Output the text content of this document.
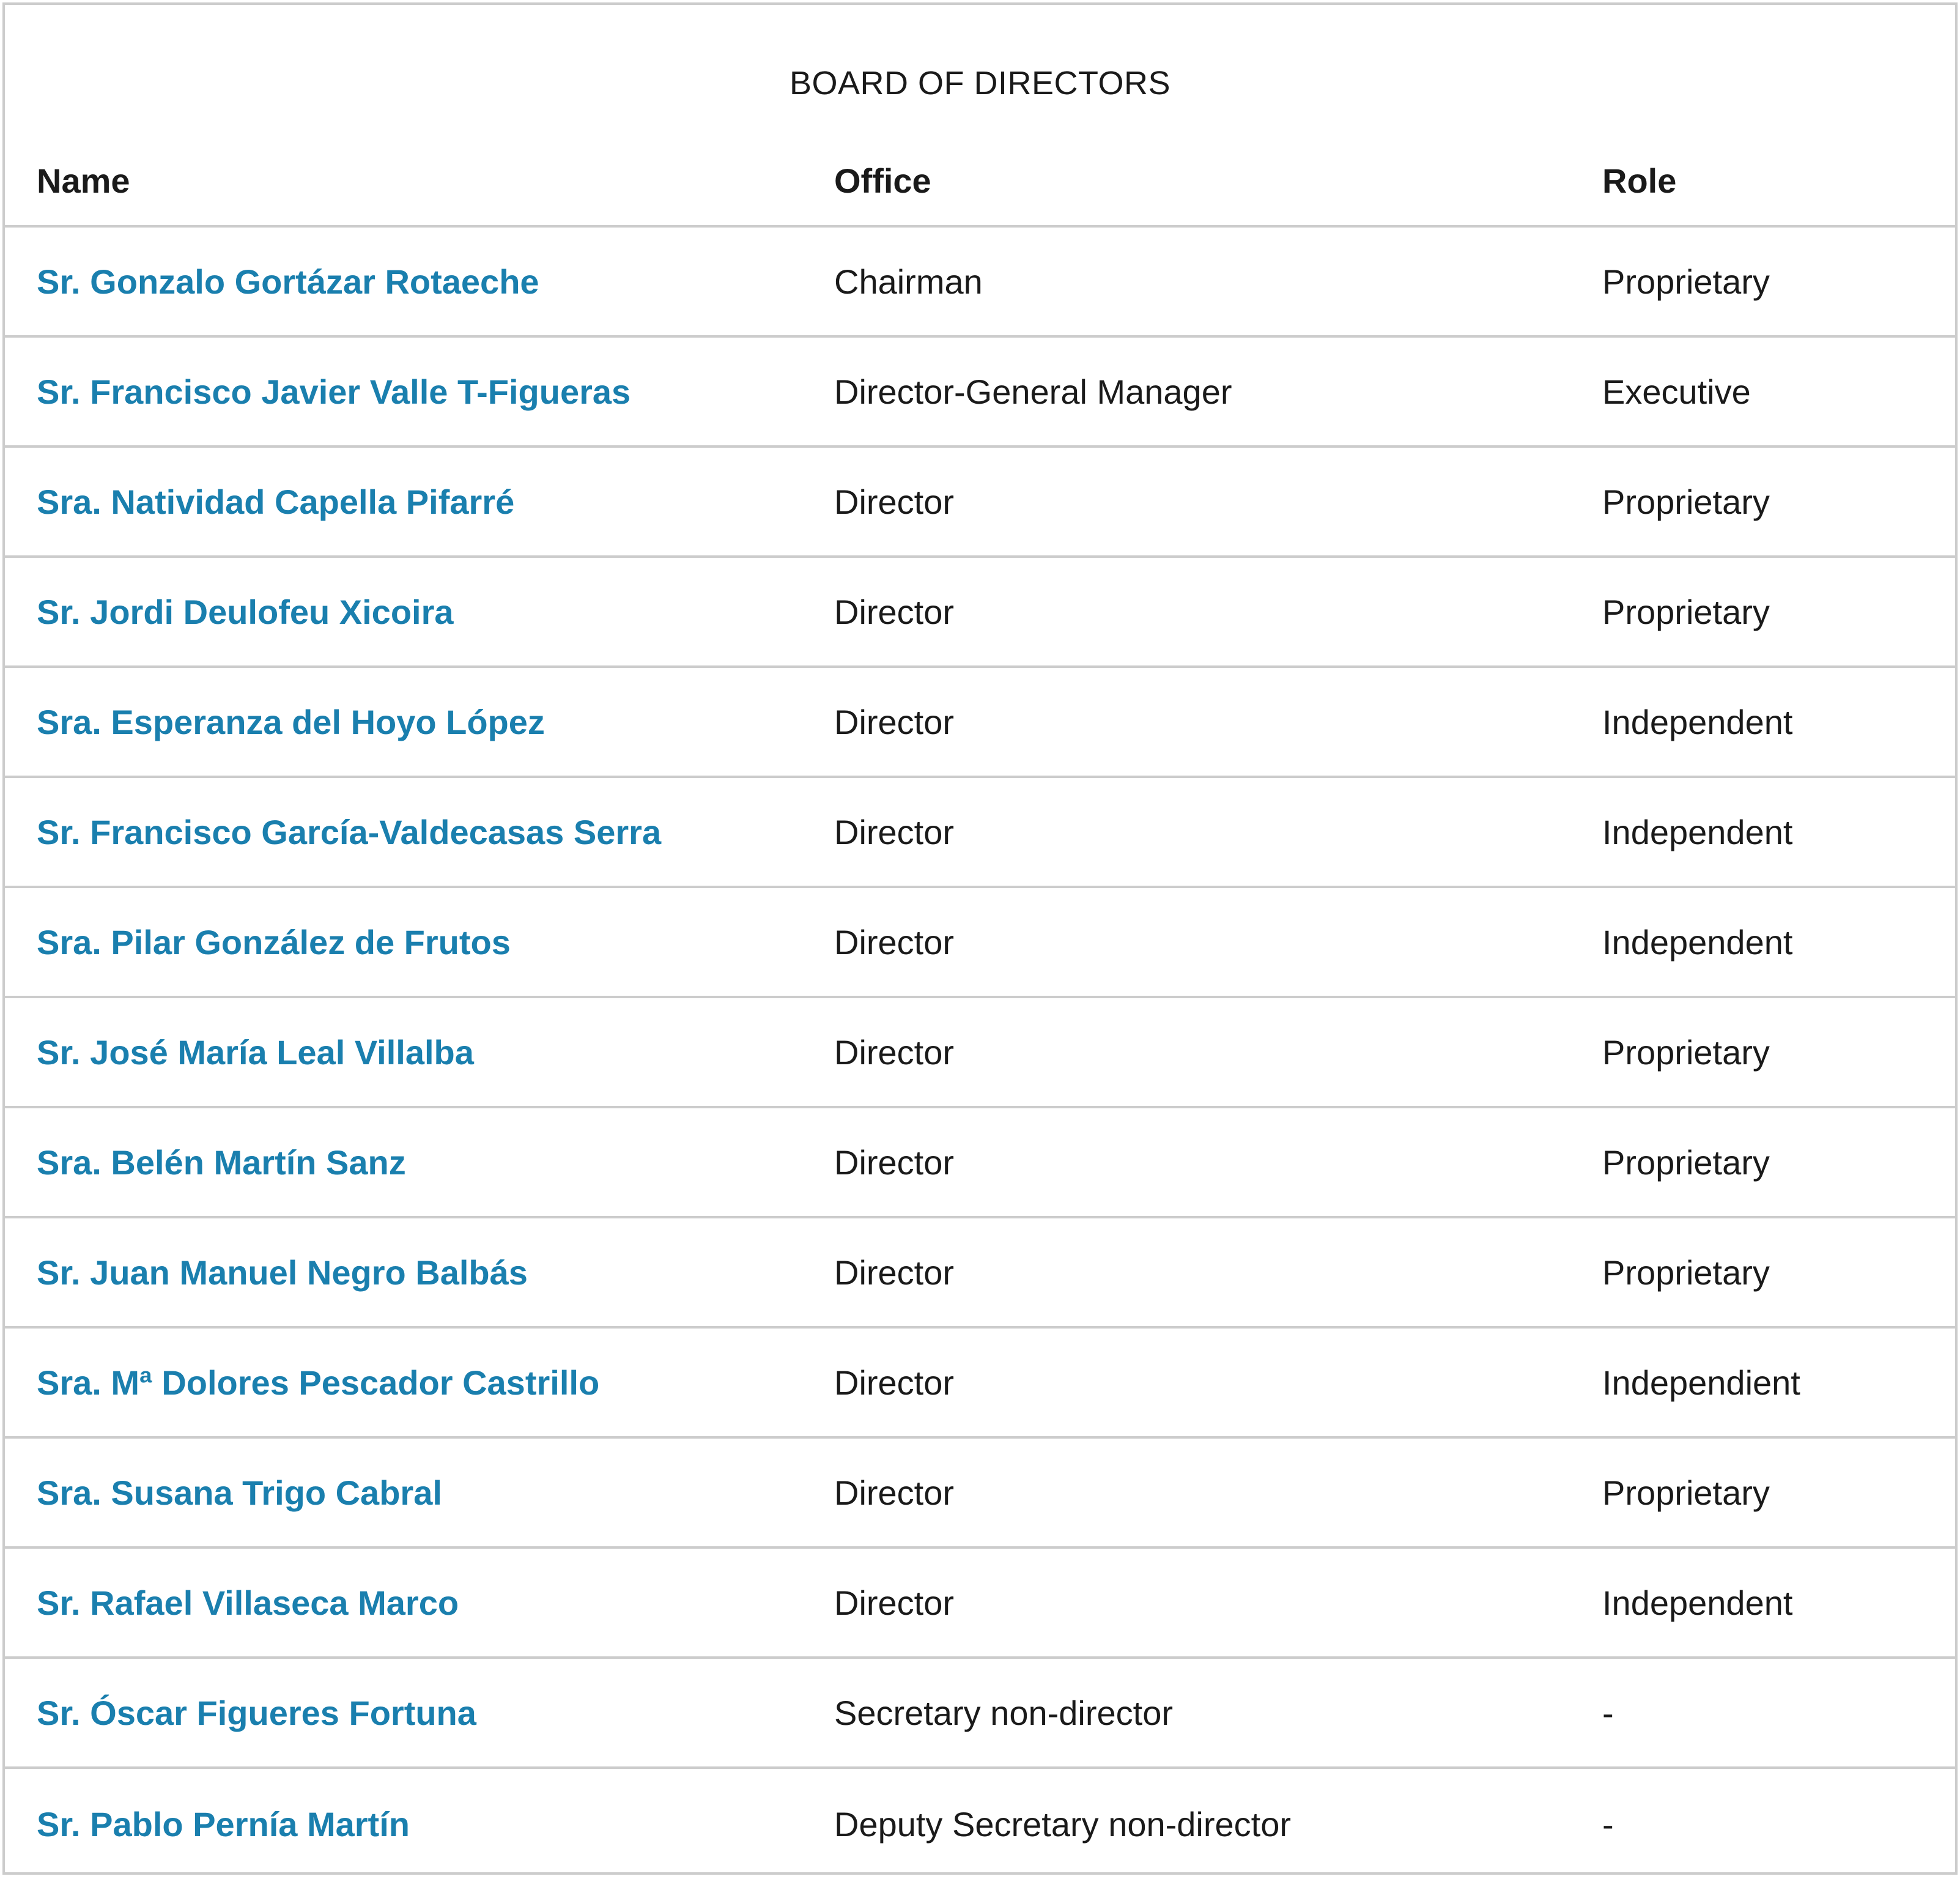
BOARD OF DIRECTORS
Name	Office	Role
Sr. Gonzalo Gortázar Rotaeche	Chairman	Proprietary
Sr. Francisco Javier Valle T-Figueras	Director-General Manager	Executive
Sra. Natividad Capella Pifarré	Director	Proprietary
Sr. Jordi Deulofeu Xicoira	Director	Proprietary
Sra. Esperanza del Hoyo López	Director	Independent
Sr. Francisco García-Valdecasas Serra	Director	Independent
Sra. Pilar González de Frutos	Director	Independent
Sr. José María Leal Villalba	Director	Proprietary
Sra. Belén Martín Sanz	Director	Proprietary
Sr. Juan Manuel Negro Balbás	Director	Proprietary
Sra. Mª Dolores Pescador Castrillo	Director	Independient
Sra. Susana Trigo Cabral	Director	Proprietary
Sr. Rafael Villaseca Marco	Director	Independent
Sr. Óscar Figueres Fortuna	Secretary non-director	-
Sr. Pablo Pernía Martín	Deputy Secretary non-director	-
